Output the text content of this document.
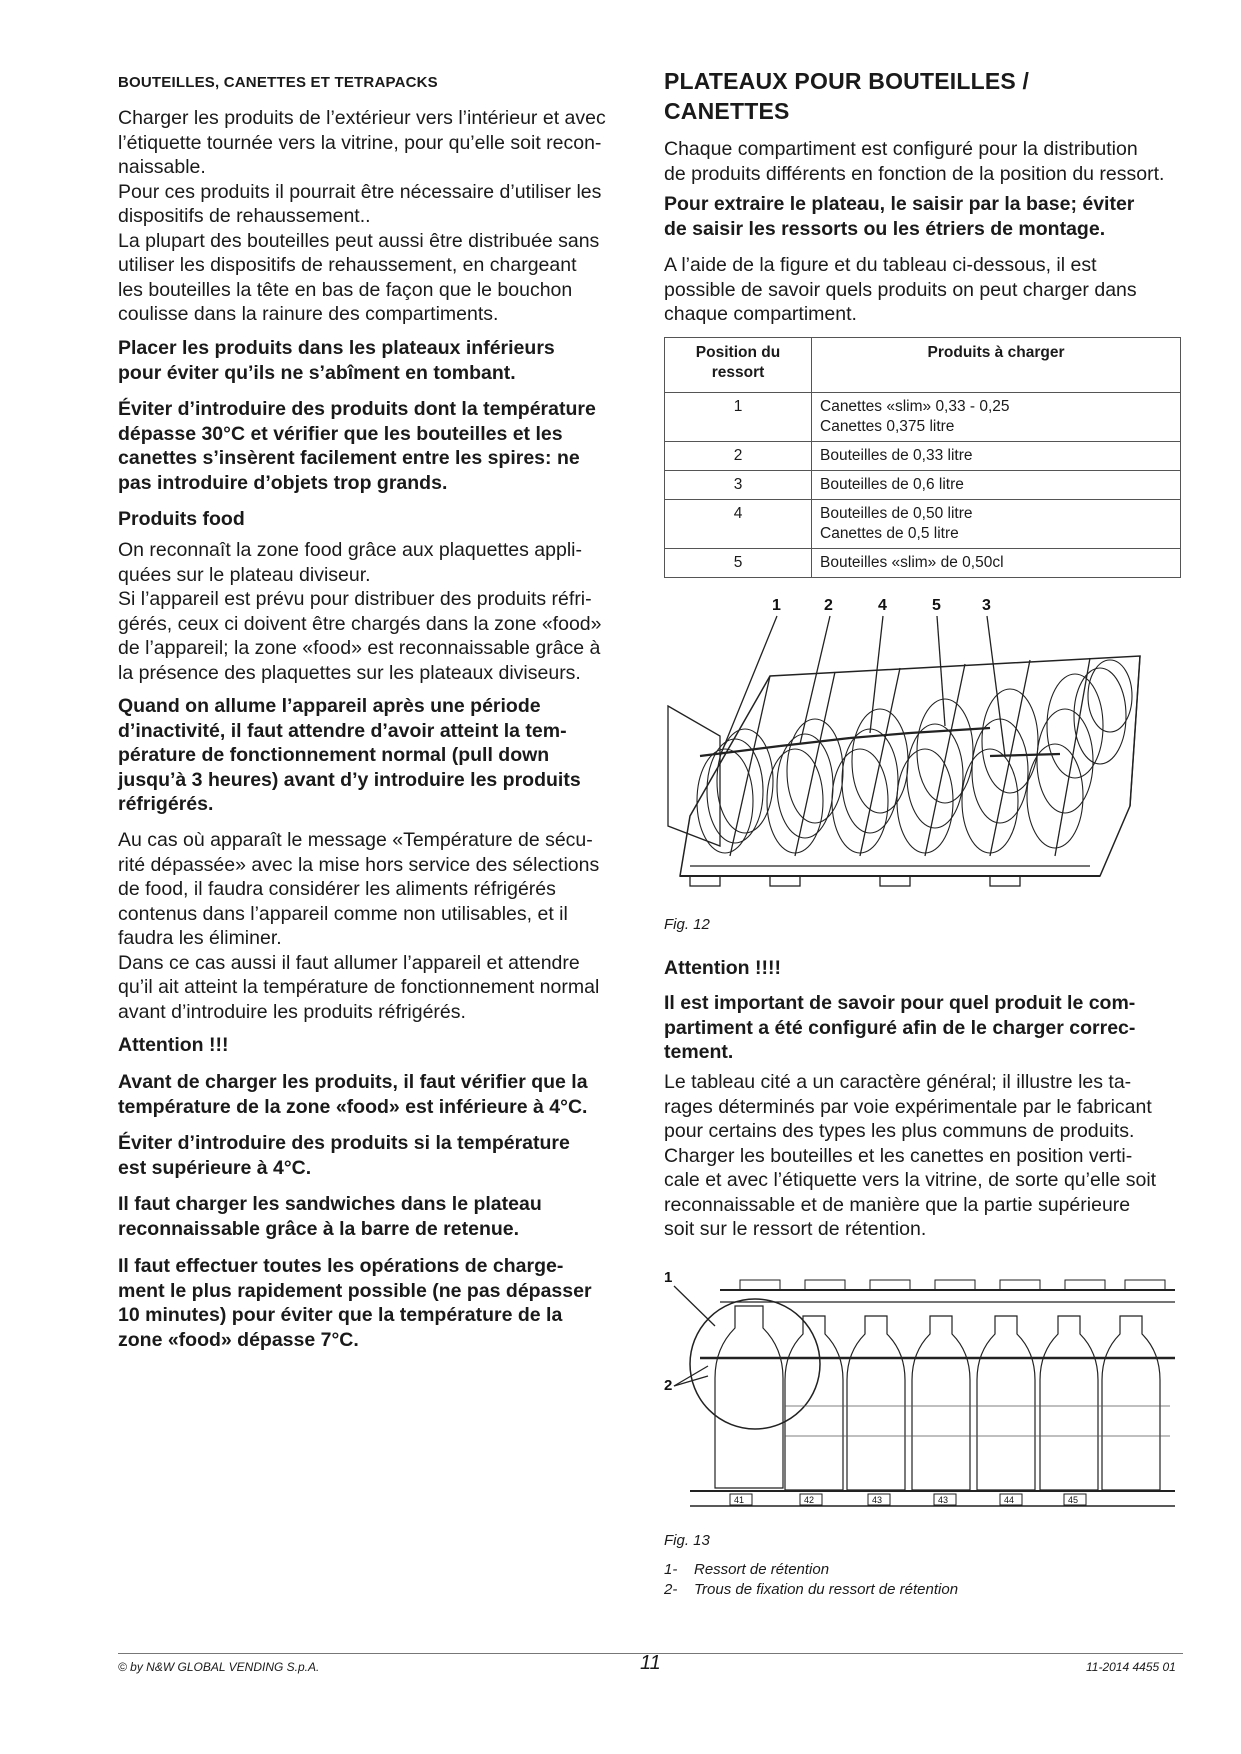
BOUTEILLES, CANETTES ET TETRAPACKS
Charger les produits de l’extérieur vers l’intérieur et avec
l’étiquette tournée vers la vitrine, pour qu’elle soit recon-
naissable.
Pour ces produits il pourrait être nécessaire d’utiliser les
dispositifs de rehaussement..
La plupart des bouteilles peut aussi être distribuée sans
utiliser les dispositifs de rehaussement, en chargeant
les bouteilles la tête en bas de façon que le bouchon
coulisse dans la rainure des compartiments.
Placer les produits dans les plateaux inférieurs
pour éviter qu’ils ne s’abîment en tombant.
Éviter d’introduire des produits dont la température
dépasse 30°C et vérifier que les bouteilles et les
canettes s’insèrent facilement entre les spires: ne
pas introduire d’objets trop grands.
Produits food
On reconnaît la zone food grâce aux plaquettes appli-
quées sur le plateau diviseur.
Si l’appareil est prévu pour distribuer des produits réfri-
gérés, ceux ci doivent être chargés dans la zone «food»
de l’appareil; la zone «food» est reconnaissable grâce à
la présence des plaquettes sur les plateaux diviseurs.
Quand on allume l’appareil après une période
d’inactivité, il faut attendre d’avoir atteint la tem-
pérature de fonctionnement normal (pull down
jusqu’à 3 heures) avant d’y introduire les produits
réfrigérés.
Au cas où apparaît le message «Température de sécu-
rité dépassée» avec la mise hors service des sélections
de food, il faudra considérer les aliments réfrigérés
contenus dans l’appareil comme non utilisables, et il
faudra les éliminer.
Dans ce cas aussi il faut allumer l’appareil et attendre
qu’il ait atteint la température de fonctionnement normal
avant d’introduire les produits réfrigérés.
Attention !!!
Avant de charger les produits, il faut vérifier que la
température de la zone «food» est inférieure à 4°C.
Éviter d’introduire des produits si la température
est supérieure à 4°C.
Il faut charger les sandwiches dans le plateau
reconnaissable grâce à la barre de retenue.
Il faut effectuer toutes les opérations de charge-
ment le plus rapidement possible (ne pas dépasser
10 minutes) pour éviter que la température de la
zone «food» dépasse 7°C.
PLATEAUX POUR BOUTEILLES /
CANETTES
Chaque compartiment est configuré pour la distribution
de produits différents en fonction de la position du ressort.
Pour extraire le plateau, le saisir par la base; éviter
de saisir les ressorts ou les étriers de montage.
A l’aide de la figure et du tableau ci-dessous, il est
possible de savoir quels produits on peut charger dans
chaque compartiment.
Position du ressort	Produits à charger
1	Canettes «slim» 0,33 - 0,25
Canettes 0,375 litre

2	Bouteilles de 0,33 litre

3	Bouteilles de 0,6 litre

4	Bouteilles de 0,50 litre
Canettes de 0,5 litre

5	Bouteilles «slim» de 0,50cl
1	2	4	5	3
Fig. 12
Attention !!!!
Il est important de savoir pour quel produit le com-
partiment a été configuré afin de le charger correc-
tement.
Le tableau cité a un caractère général; il illustre les ta-
rages déterminés par voie expérimentale par le fabricant
pour certains des types les plus communs de produits.
Charger les bouteilles et les canettes en position verti-
cale et avec l’étiquette vers la vitrine, de sorte qu’elle soit
reconnaissable et de manière que la partie supérieure
soit sur le ressort de rétention.
1
2
41	42	43	43	44	45
Fig. 13
1- Ressort de rétention
2- Trous de fixation du ressort de rétention
© by N&W GLOBAL VENDING S.p.A.	11	11-2014 4455 01
